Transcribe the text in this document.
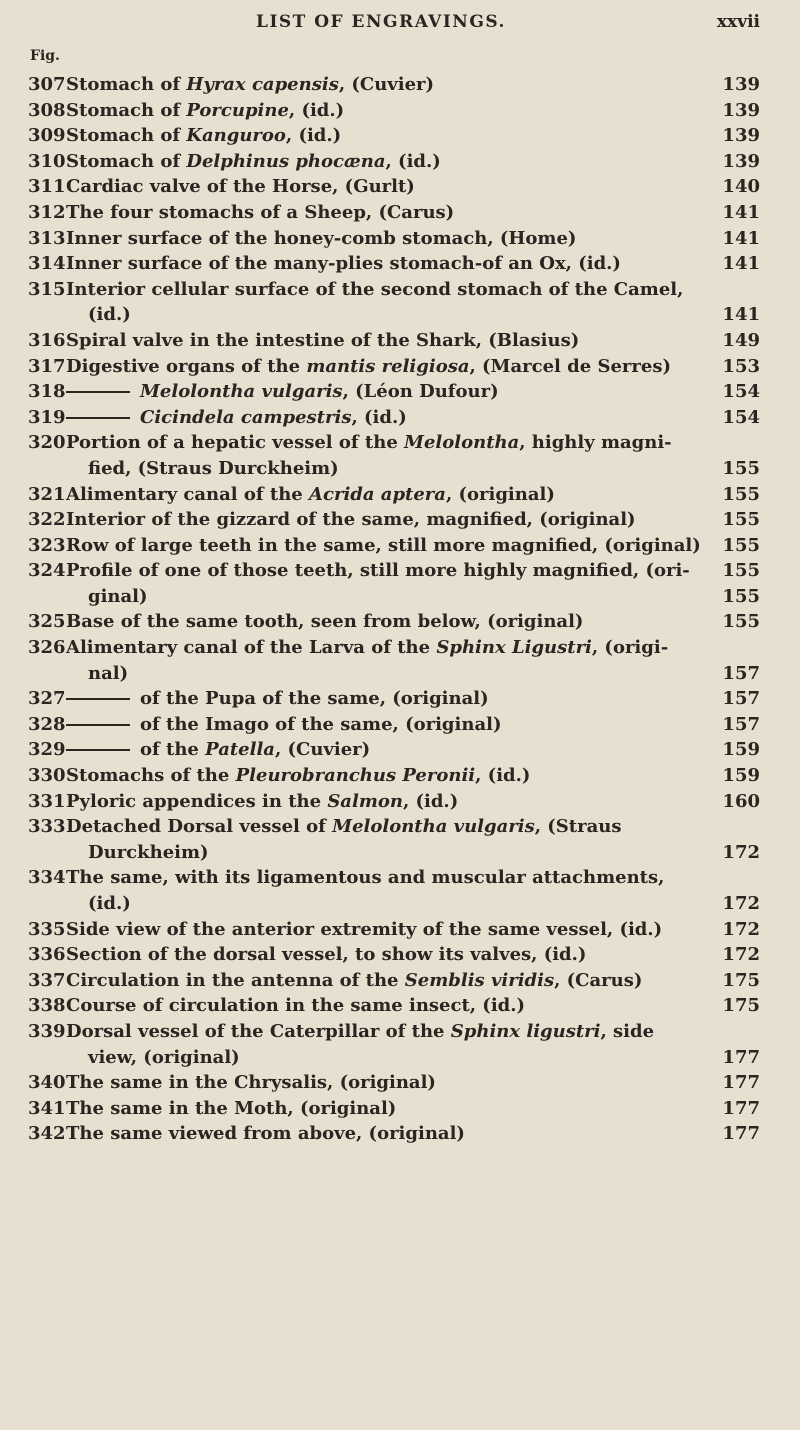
LIST OF ENGRAVINGS.	xxvii
Fig.
307 Stomach of Hyrax capensis, (Cuvier)	139
308 Stomach of Porcupine, (id.)	139
309 Stomach of Kanguroo, (id.)	139
310 Stomach of Delphinus phocæna, (id.)	139
311 Cardiac valve of the Horse, (Gurlt)	140
312 The four stomachs of a Sheep, (Carus)	141
313 Inner surface of the honey-comb stomach, (Home)	141
314 Inner surface of the many-plies stomach-of an Ox, (id.)	141
315 Interior cellular surface of the second stomach of the Camel,
(id.)	141
316 Spiral valve in the intestine of the Shark, (Blasius)	149
317 Digestive organs of the mantis religiosa, (Marcel de Serres)	153
318	Melolontha vulgaris, (Léon Dufour)	154
319	Cicindela campestris, (id.)	154
320 Portion of a hepatic vessel of the Melolontha, highly magni-
fied, (Straus Durckheim)	155
321 Alimentary canal of the Acrida aptera, (original)	155
322 Interior of the gizzard of the same, magnified, (original)	155
323 Row of large teeth in the same, still more magnified, (original) 155
324 Profile of one of those teeth, still more highly magnified, (ori- 155
ginal)	155
325 Base of the same tooth, seen from below, (original)	155
326 Alimentary canal of the Larva of the Sphinx Ligustri, (origi-
nal)	157
327	of the Pupa of the same, (original)	157
328	of the Imago of the same, (original)	157
329	of the Patella, (Cuvier)	159
330 Stomachs of the Pleurobranchus Peronii, (id.)	159
331 Pyloric appendices in the Salmon, (id.)	160
333 Detached Dorsal vessel of Melolontha vulgaris, (Straus
Durckheim)	172
334 The same, with its ligamentous and muscular attachments,
(id.)	172
335 Side view of the anterior extremity of the same vessel, (id.)	172
336 Section of the dorsal vessel, to show its valves, (id.)	172
337 Circulation in the antenna of the Semblis viridis, (Carus)	175
338 Course of circulation in the same insect, (id.)	175
339 Dorsal vessel of the Caterpillar of the Sphinx ligustri, side
view, (original)	177
340 The same in the Chrysalis, (original)	177
341 The same in the Moth, (original)	177
342 The same viewed from above, (original)	177
